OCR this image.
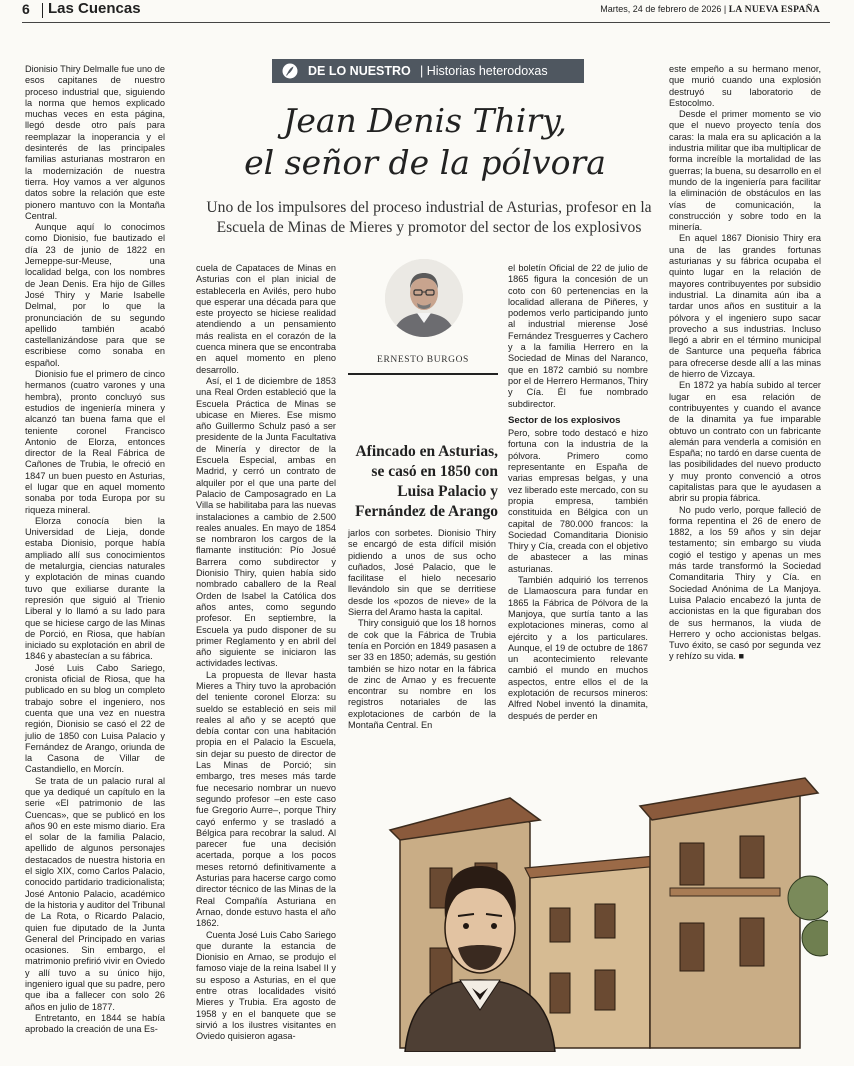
6 Las Cuencas	Martes, 24 de febrero de 2026 | LA NUEVA ESPAÑA

Dionisio Thiry Delmalle fue uno de esos capitanes de nuestro proceso industrial que, siguiendo la norma que hemos explicado muchas veces en esta página, llegó desde otro país para reemplazar la inoperancia y el desinterés de las principales familias asturianas mostraron en la modernización de nuestra tierra. Hoy vamos a ver algunos datos sobre la relación que este pionero mantuvo con la Montaña Central.

Aunque aquí lo conocimos como Dionisio, fue bautizado el día 23 de junio de 1822 en Jemeppe-sur-Meuse, una localidad belga, con los nombres de Jean Denis. Era hijo de Gilles José Thiry y Marie Isabelle Delmal, por lo que la pronunciación de su segundo apellido también acabó castellanizándose para que se escribiese como sonaba en español.

Dionisio fue el primero de cinco hermanos (cuatro varones y una hembra), pronto concluyó sus estudios de ingeniería minera y alcanzó tan buena fama que el teniente coronel Francisco Antonio de Elorza, entonces director de la Real Fábrica de Cañones de Trubia, le ofreció en 1847 un buen puesto en Asturias, el lugar que en aquel momento sonaba por toda Europa por su riqueza mineral.

Elorza conocía bien la Universidad de Lieja, donde estaba Dionisio, porque había ampliado allí sus conocimientos de metalurgia, ciencias naturales y explotación de minas cuando tuvo que exiliarse durante la represión que siguió al Trienio Liberal y lo llamó a su lado para que se hiciese cargo de las Minas de Porció, en Riosa, que habían iniciado su explotación en abril de 1846 y abastecían a su fábrica.

José Luis Cabo Sariego, cronista oficial de Riosa, que ha publicado en su blog un completo trabajo sobre el ingeniero, nos cuenta que una vez en nuestra región, Dionisio se casó el 22 de julio de 1850 con Luisa Palacio y Fernández de Arango, oriunda de la Casona de Villar de Castandiello, en Morcín.

Se trata de un palacio rural al que ya dediqué un capítulo en la serie «El patrimonio de las Cuencas», que se publicó en los años 90 en este mismo diario. Era el solar de la familia Palacio, apellido de algunos personajes destacados de nuestra historia en el siglo XIX, como Carlos Palacio, conocido partidario tradicionalista; José Antonio Palacio, académico de la historia y auditor del Tribunal de La Rota, o Ricardo Palacio, quien fue diputado de la Junta General del Principado en varias ocasiones. Sin embargo, el matrimonio prefirió vivir en Oviedo y allí tuvo a su único hijo, ingeniero igual que su padre, pero que iba a fallecer con solo 26 años en julio de 1877.

Entretanto, en 1844 se había aprobado la creación de una Es-

DE LO NUESTRO | Historias heterodoxas
Jean Denis Thiry,
el señor de la pólvora
Uno de los impulsores del proceso industrial de Asturias, profesor en la Escuela de Minas de Mieres y promotor del sector de los explosivos
ERNESTO BURGOS
Afincado en Asturias, se casó en 1850 con Luisa Palacio y Fernández de Arango

cuela de Capataces de Minas en Asturias con el plan inicial de establecerla en Avilés, pero hubo que esperar una década para que este proyecto se hiciese realidad atendiendo a un pensamiento más realista en el corazón de la cuenca minera que se encontraba en aquel momento en pleno desarrollo.

Así, el 1 de diciembre de 1853 una Real Orden estableció que la Escuela Práctica de Minas se ubicase en Mieres. Ese mismo año Guillermo Schulz pasó a ser presidente de la Junta Facultativa de Minería y director de la Escuela Especial, ambas en Madrid, y cerró un contrato de alquiler por el que una parte del Palacio de Camposagrado en La Villa se habilitaba para las nuevas instalaciones a cambio de 2.500 reales anuales. En mayo de 1854 se nombraron los cargos de la flamante institución: Pío Josué Barrera como subdirector y Dionisio Thiry, quien había sido nombrado caballero de la Real Orden de Isabel la Católica dos años antes, como segundo profesor. En septiembre, la Escuela ya pudo disponer de su primer Reglamento y en abril del año siguiente se iniciaron las actividades lectivas.

La propuesta de llevar hasta Mieres a Thiry tuvo la aprobación del teniente coronel Elorza: su sueldo se estableció en seis mil reales al año y se aceptó que debía contar con una habitación propia en el Palacio la Escuela, sin dejar su puesto de director de Las Minas de Porció; sin embargo, tres meses más tarde fue necesario nombrar un nuevo segundo profesor –en este caso fue Gregorio Aurre–, porque Thiry cayó enfermo y se trasladó a Bélgica para recobrar la salud. Al parecer fue una decisión acertada, porque a los pocos meses retornó definitivamente a Asturias para hacerse cargo como director técnico de las Minas de la Real Compañía Asturiana en Arnao, donde estuvo hasta el año 1862.

Cuenta José Luis Cabo Sariego que durante la estancia de Dionisio en Arnao, se produjo el famoso viaje de la reina Isabel II y su esposo a Asturias, en el que entre otras localidades visitó Mieres y Trubia. Era agosto de 1958 y en el banquete que se sirvió a los ilustres visitantes en Oviedo quisieron agasa-

jarlos con sorbetes. Dionisio Thiry se encargó de esta difícil misión pidiendo a unos de sus ocho cuñados, José Palacio, que le facilitase el hielo necesario llevándolo sin que se derritiese desde los «pozos de nieve» de la Sierra del Aramo hasta la capital.

Thiry consiguió que los 18 hornos de cok que la Fábrica de Trubia tenía en Porción en 1849 pasasen a ser 33 en 1850; además, su gestión también se hizo notar en la fábrica de zinc de Arnao y es frecuente encontrar su nombre en los registros notariales de las explotaciones de carbón de la Montaña Central. En

el boletín Oficial de 22 de julio de 1865 figura la concesión de un coto con 60 pertenencias en la localidad allerana de Piñeres, y podemos verlo participando junto al industrial mierense José Fernández Tresguerres y Cachero y a la familia Herrero en la Sociedad de Minas del Naranco, que en 1872 cambió su nombre por el de Herrero Hermanos, Thiry y Cía. Él fue nombrado subdirector.

Sector de los explosivos

Pero, sobre todo destacó e hizo fortuna con la industria de la pólvora. Primero como representante en España de varias empresas belgas, y una vez liberado este mercado, con su propia empresa, también constituida en Bélgica con un capital de 780.000 francos: la Sociedad Comanditaria Dionisio Thiry y Cía, creada con el objetivo de abastecer a las minas asturianas.

También adquirió los terrenos de Llamaoscura para fundar en 1865 la Fábrica de Pólvora de la Manjoya, que surtía tanto a las explotaciones mineras, como al ejército y a los particulares. Aunque, el 19 de octubre de 1867 un acontecimiento relevante cambió el mundo en muchos aspectos, entre ellos el de la explotación de recursos mineros: Alfred Nobel inventó la dinamita, después de perder en

este empeño a su hermano menor, que murió cuando una explosión destruyó su laboratorio de Estocolmo.

Desde el primer momento se vio que el nuevo proyecto tenía dos caras: la mala era su aplicación a la industria militar que iba multiplicar de forma increíble la mortalidad de las guerras; la buena, su desarrollo en el mundo de la ingeniería para facilitar la eliminación de obstáculos en las vías de comunicación, la construcción y sobre todo en la minería.

En aquel 1867 Dionisio Thiry era una de las grandes fortunas asturianas y su fábrica ocupaba el quinto lugar en la relación de mayores contribuyentes por subsidio industrial. La dinamita aún iba a tardar unos años en sustituir a la pólvora y el ingeniero supo sacar provecho a sus industrias. Incluso llegó a abrir en el término municipal de Santurce una pequeña fábrica para ofrecerse desde allí a las minas de hierro de Vizcaya.

En 1872 ya había subido al tercer lugar en esa relación de contribuyentes y cuando el avance de la dinamita ya fue imparable obtuvo un contrato con un fabricante alemán para venderla a comisión en España; no tardó en darse cuenta de las posibilidades del nuevo producto y muy pronto convenció a otros capitalistas para que le ayudasen a abrir su propia fábrica.

No pudo verlo, porque falleció de forma repentina el 26 de enero de 1882, a los 59 años y sin dejar testamento; sin embargo su viuda cogió el testigo y apenas un mes más tarde transformó la Sociedad Comanditaria Thiry y Cía. en Sociedad Anónima de La Manjoya. Luisa Palacio encabezó la junta de accionistas en la que figuraban dos de sus hermanos, la viuda de Herrero y ocho accionistas belgas. Tuvo éxito, se casó por segunda vez y rehízo su vida. ■
